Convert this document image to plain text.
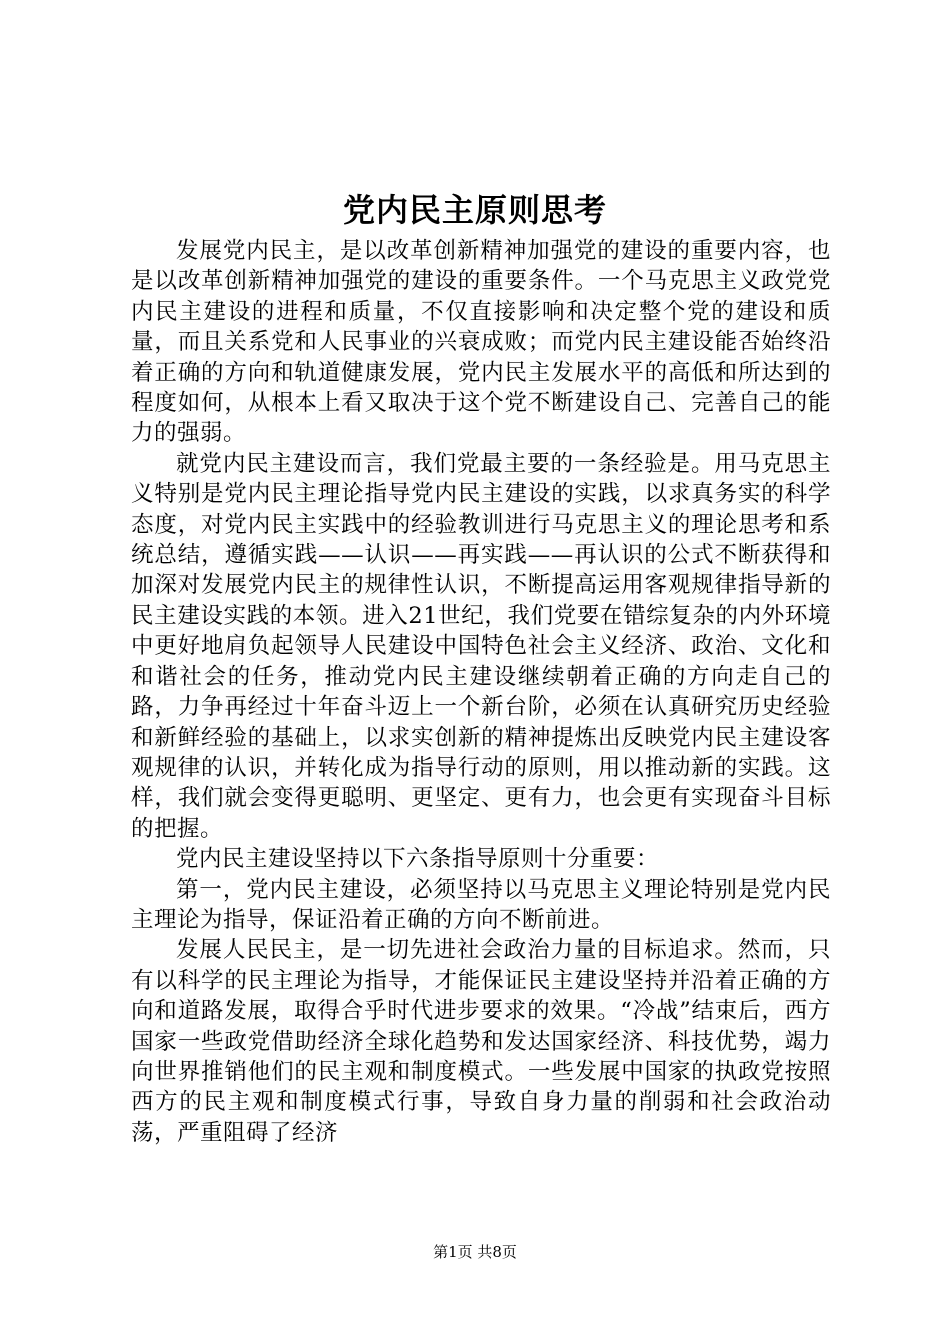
党内民主原则思考

发展党内民主，是以改革创新精神加强党的建设的重要内容，也是以改革创新精神加强党的建设的重要条件。一个马克思主义政党党内民主建设的进程和质量，不仅直接影响和决定整个党的建设和质量，而且关系党和人民事业的兴衰成败；而党内民主建设能否始终沿着正确的方向和轨道健康发展，党内民主发展水平的高低和所达到的程度如何，从根本上看又取决于这个党不断建设自己、完善自己的能力的强弱。

就党内民主建设而言，我们党最主要的一条经验是。用马克思主义特别是党内民主理论指导党内民主建设的实践，以求真务实的科学态度，对党内民主实践中的经验教训进行马克思主义的理论思考和系统总结，遵循实践——认识——再实践——再认识的公式不断获得和加深对发展党内民主的规律性认识，不断提高运用客观规律指导新的民主建设实践的本领。进入21世纪，我们党要在错综复杂的内外环境中更好地肩负起领导人民建设中国特色社会主义经济、政治、文化和和谐社会的任务，推动党内民主建设继续朝着正确的方向走自己的路，力争再经过十年奋斗迈上一个新台阶，必须在认真研究历史经验和新鲜经验的基础上，以求实创新的精神提炼出反映党内民主建设客观规律的认识，并转化成为指导行动的原则，用以推动新的实践。这样，我们就会变得更聪明、更坚定、更有力，也会更有实现奋斗目标的把握。

党内民主建设坚持以下六条指导原则十分重要：

第一，党内民主建设，必须坚持以马克思主义理论特别是党内民主理论为指导，保证沿着正确的方向不断前进。

发展人民民主，是一切先进社会政治力量的目标追求。然而，只有以科学的民主理论为指导，才能保证民主建设坚持并沿着正确的方向和道路发展，取得合乎时代进步要求的效果。“冷战”结束后，西方国家一些政党借助经济全球化趋势和发达国家经济、科技优势，竭力向世界推销他们的民主观和制度模式。一些发展中国家的执政党按照西方的民主观和制度模式行事，导致自身力量的削弱和社会政治动荡，严重阻碍了经济

第1页 共8页
